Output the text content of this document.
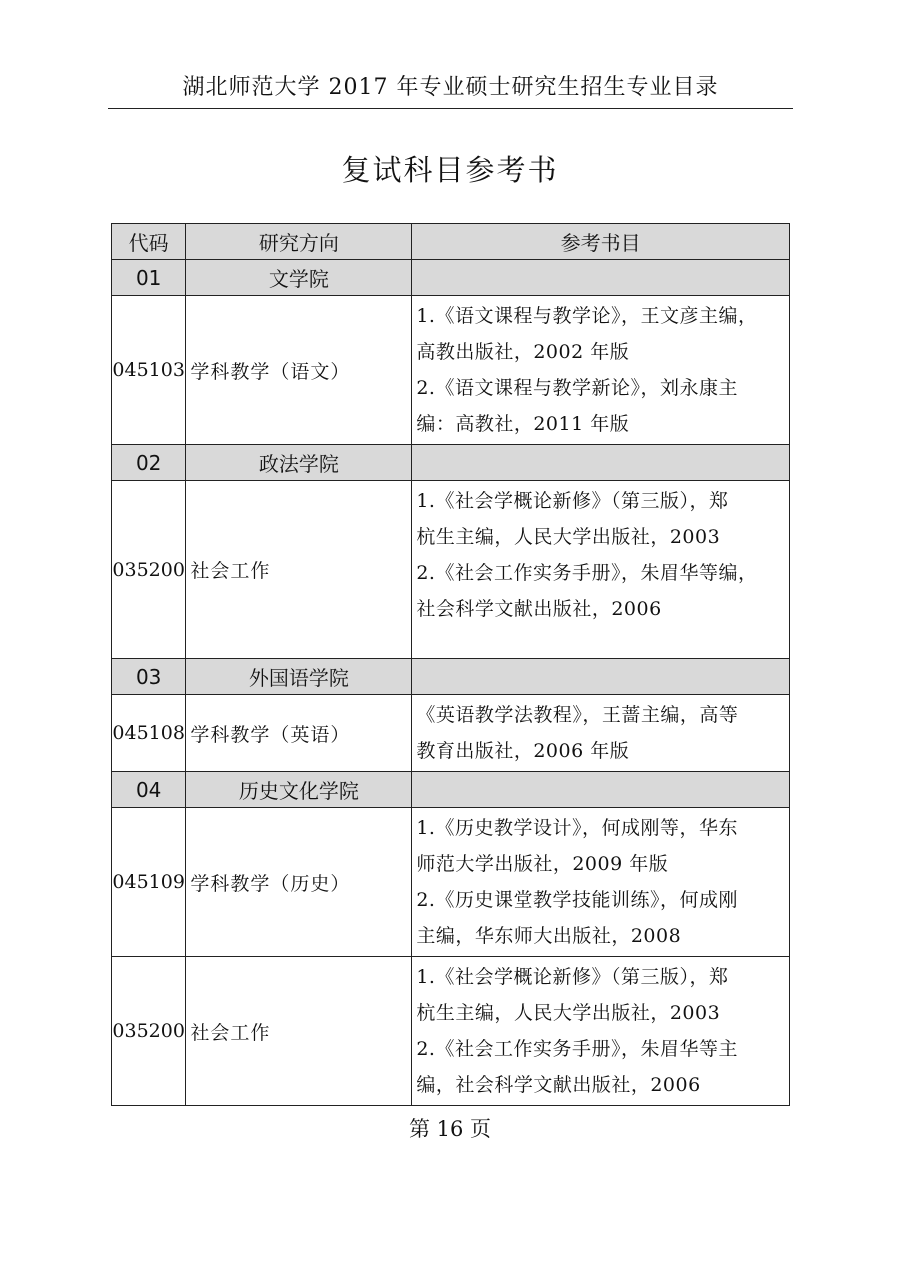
湖北师范大学 2017 年专业硕士研究生招生专业目录
复试科目参考书
代码	研究方向	参考书目
01	文学院	
045103	学科教学（语文）	1.《语文课程与教学论》，王文彦主编，
高教出版社，2002 年版
2.《语文课程与教学新论》，刘永康主
编：高教社，2011 年版

02	政法学院	
035200	社会工作	1.《社会学概论新修》（第三版），郑
杭生主编，人民大学出版社，2003
2.《社会工作实务手册》，朱眉华等编，
社会科学文献出版社，2006

03	外国语学院	
045108	学科教学（英语）	《英语教学法教程》，王蔷主编，高等
教育出版社，2006 年版

04	历史文化学院	
045109	学科教学（历史）	1.《历史教学设计》，何成刚等，华东
师范大学出版社，2009 年版
2.《历史课堂教学技能训练》，何成刚
主编，华东师大出版社，2008

035200	社会工作	1.《社会学概论新修》（第三版），郑
杭生主编，人民大学出版社，2003
2.《社会工作实务手册》，朱眉华等主
编，社会科学文献出版社，2006
第 16 页
